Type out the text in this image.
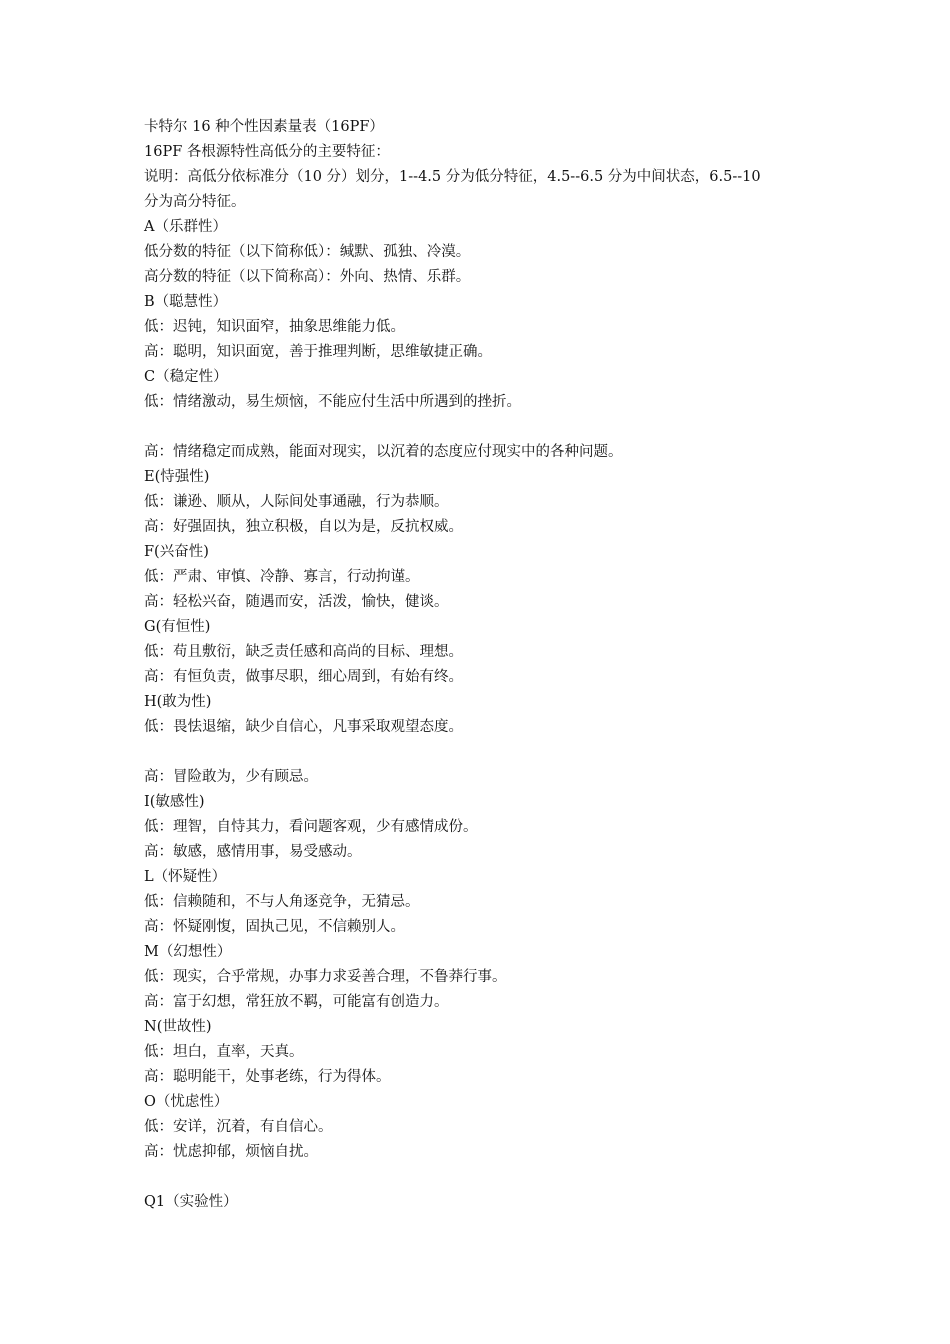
卡特尔 16 种个性因素量表（16PF）
16PF 各根源特性高低分的主要特征：
说明：高低分依标准分（10 分）划分，1--4.5 分为低分特征，4.5--6.5 分为中间状态，6.5--10
分为高分特征。
A（乐群性）
低分数的特征（以下简称低）：缄默、孤独、冷漠。
高分数的特征（以下简称高）：外向、热情、乐群。
B（聪慧性）
低：迟钝，知识面窄，抽象思维能力低。
高：聪明，知识面宽，善于推理判断，思维敏捷正确。
C（稳定性）
低：情绪激动，易生烦恼，不能应付生活中所遇到的挫折。
高：情绪稳定而成熟，能面对现实，以沉着的态度应付现实中的各种问题。
E(恃强性)
低：谦逊、顺从，人际间处事通融，行为恭顺。
高：好强固执，独立积极，自以为是，反抗权威。
F(兴奋性)
低：严肃、审慎、冷静、寡言，行动拘谨。
高：轻松兴奋，随遇而安，活泼，愉快，健谈。
G(有恒性)
低：苟且敷衍，缺乏责任感和高尚的目标、理想。
高：有恒负责，做事尽职，细心周到，有始有终。
H(敢为性)
低：畏怯退缩，缺少自信心，凡事采取观望态度。
高：冒险敢为，少有顾忌。
I(敏感性)
低：理智，自恃其力，看问题客观，少有感情成份。
高：敏感，感情用事，易受感动。
L（怀疑性）
低：信赖随和，不与人角逐竞争，无猜忌。
高：怀疑刚愎，固执己见，不信赖别人。
M（幻想性）
低：现实，合乎常规，办事力求妥善合理，不鲁莽行事。
高：富于幻想，常狂放不羁，可能富有创造力。
N(世故性)
低：坦白，直率，天真。
高：聪明能干，处事老练，行为得体。
O（忧虑性）
低：安详，沉着，有自信心。
高：忧虑抑郁，烦恼自扰。
Q1（实验性）
